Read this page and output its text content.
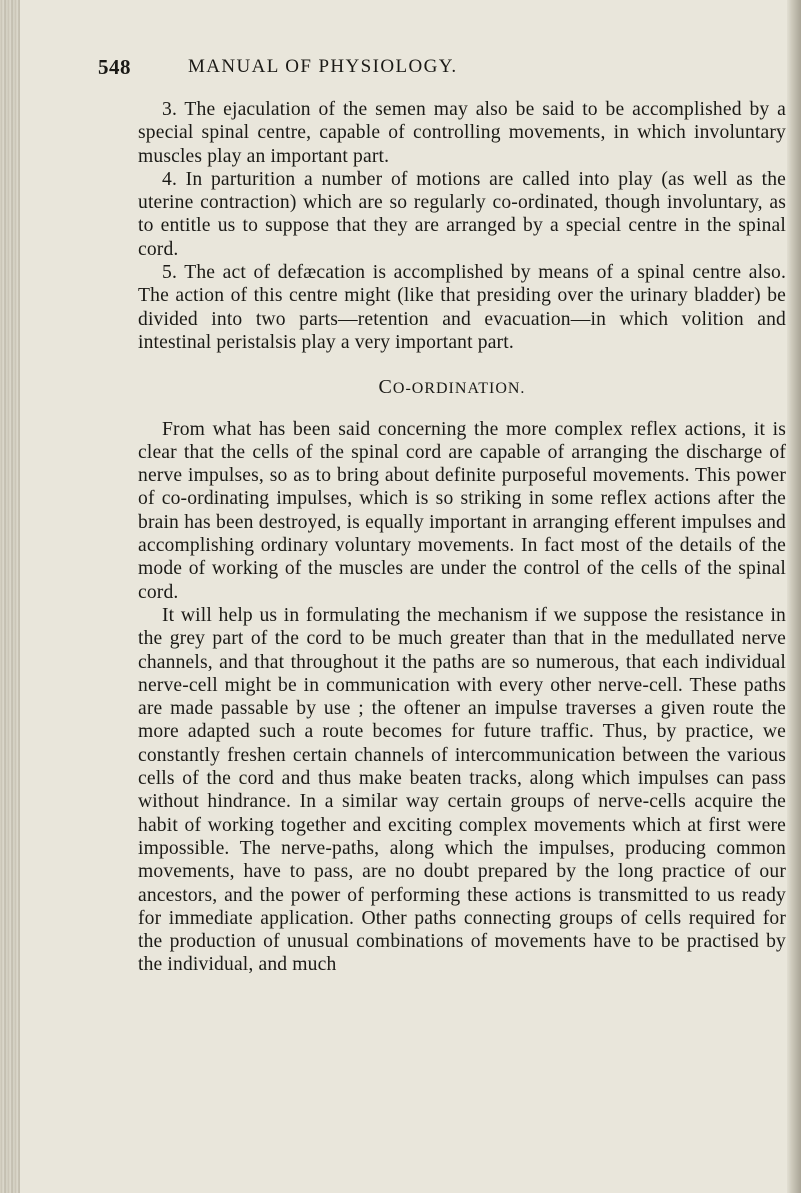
548	MANUAL OF PHYSIOLOGY.

3. The ejaculation of the semen may also be said to be accomplished by a special spinal centre, capable of controlling movements, in which involuntary muscles play an important part.

4. In parturition a number of motions are called into play (as well as the uterine contraction) which are so regularly co-ordinated, though involuntary, as to entitle us to suppose that they are arranged by a special centre in the spinal cord.

5. The act of defæcation is accomplished by means of a spinal centre also. The action of this centre might (like that presiding over the urinary bladder) be divided into two parts—retention and evacuation—in which volition and intestinal peristalsis play a very important part.

CO-ORDINATION.

From what has been said concerning the more complex reflex actions, it is clear that the cells of the spinal cord are capable of arranging the discharge of nerve impulses, so as to bring about definite purposeful movements. This power of co-ordinating impulses, which is so striking in some reflex actions after the brain has been destroyed, is equally important in arranging efferent impulses and accomplishing ordinary voluntary movements. In fact most of the details of the mode of working of the muscles are under the control of the cells of the spinal cord.

It will help us in formulating the mechanism if we suppose the resistance in the grey part of the cord to be much greater than that in the medullated nerve channels, and that throughout it the paths are so numerous, that each individual nerve-cell might be in communication with every other nerve-cell. These paths are made passable by use ; the oftener an impulse traverses a given route the more adapted such a route becomes for future traffic. Thus, by practice, we constantly freshen certain channels of intercommunication between the various cells of the cord and thus make beaten tracks, along which impulses can pass without hindrance. In a similar way certain groups of nerve-cells acquire the habit of working together and exciting complex movements which at first were impossible. The nerve-paths, along which the impulses, producing common movements, have to pass, are no doubt prepared by the long practice of our ancestors, and the power of performing these actions is transmitted to us ready for immediate application. Other paths connecting groups of cells required for the production of unusual combinations of movements have to be practised by the individual, and much
